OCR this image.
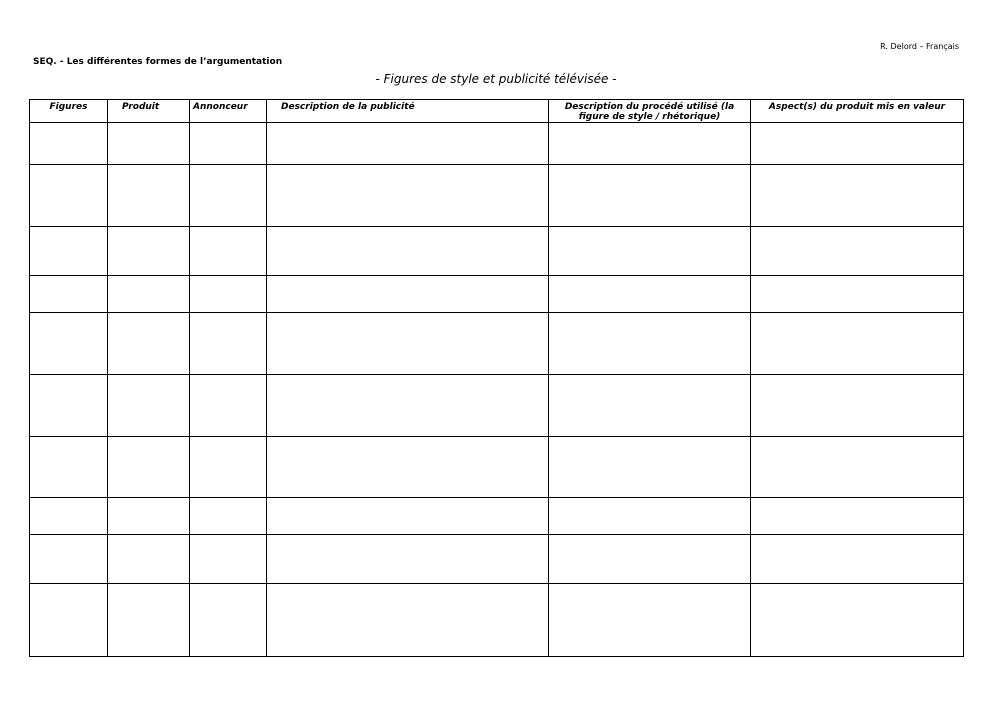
R. Delord – Français
SEQ. - Les différentes formes de l’argumentation
- Figures de style et publicité télévisée -
Figures	Produit	Annonceur	Description de la publicité	Description du procédé utilisé (la figure de style / rhétorique)	Aspect(s) du produit mis en valeur
